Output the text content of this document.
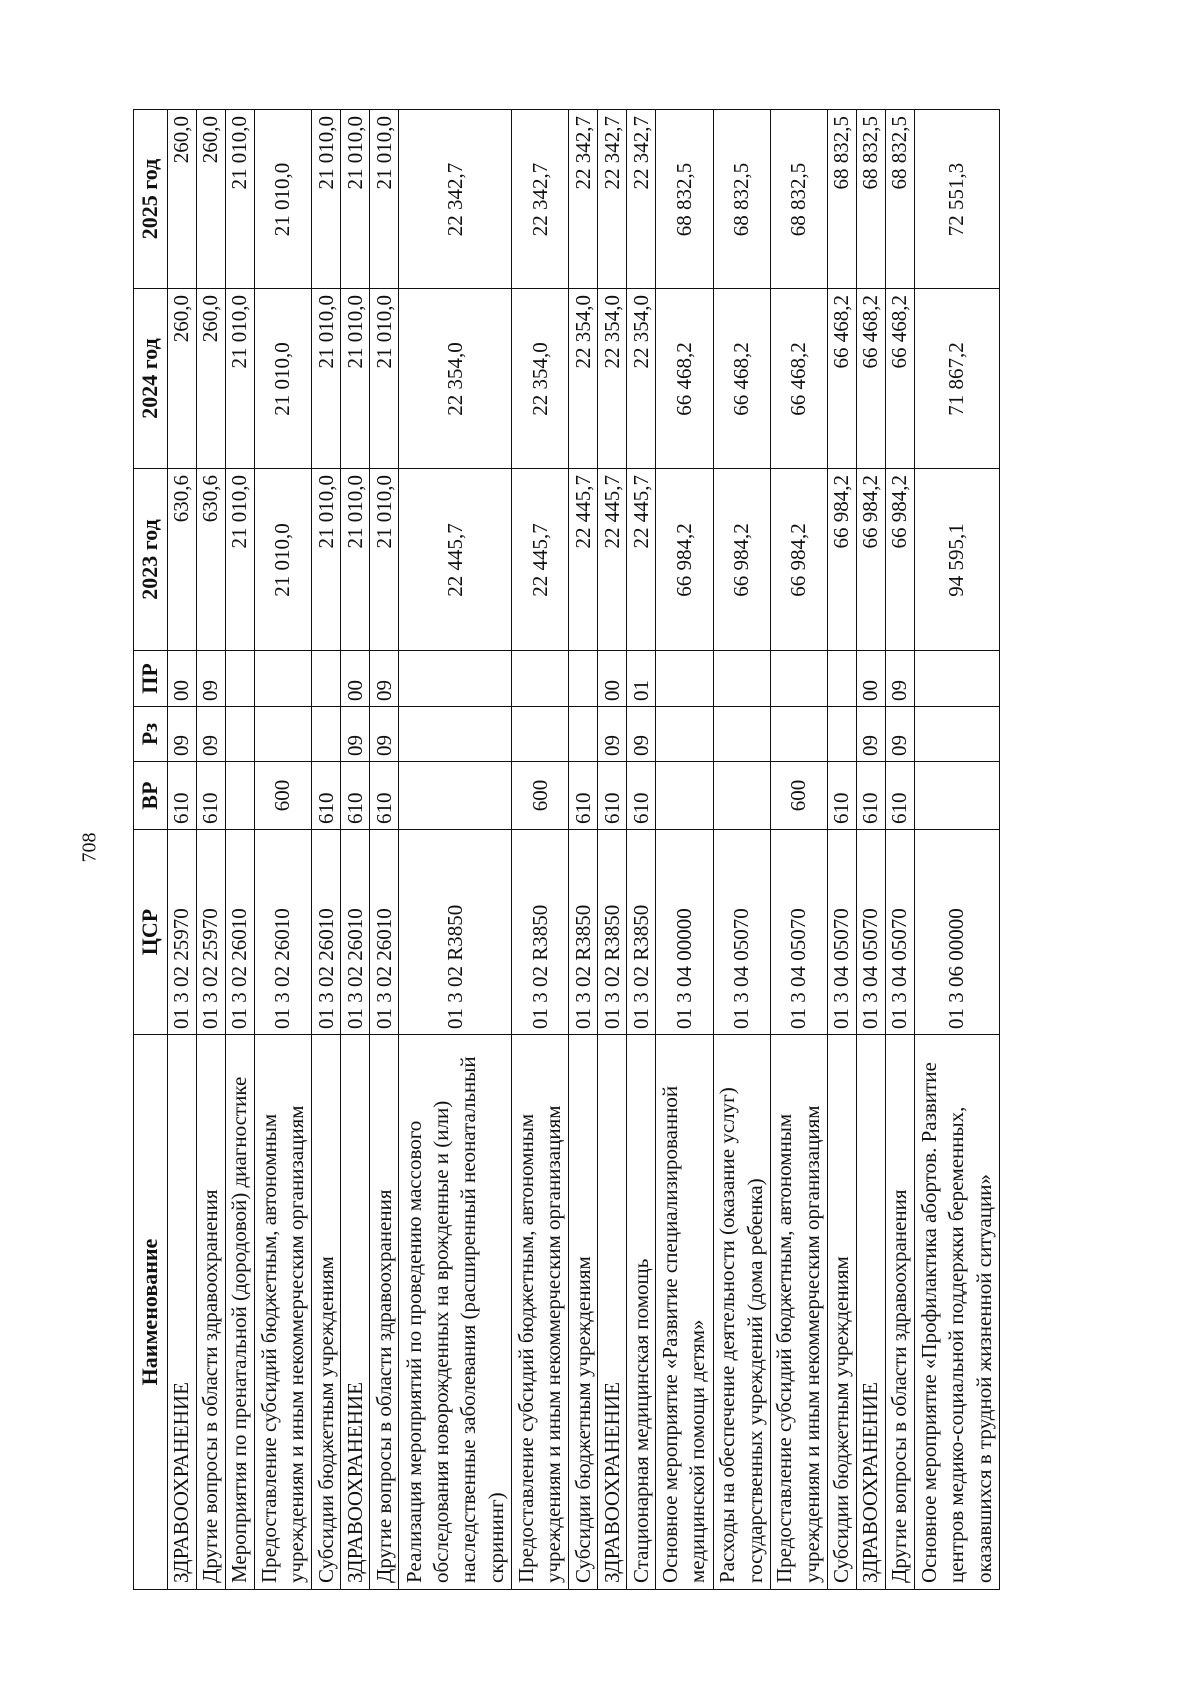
708
Наименование	ЦСР	ВР	Рз	ПР	2023 год	2024 год	2025 год
ЗДРАВООХРАНЕНИЕ	01 3 02 25970	610	09	00	630,6	260,0	260,0
Другие вопросы в области здравоохранения	01 3 02 25970	610	09	09	630,6	260,0	260,0
Мероприятия по пренатальной (дородовой) диагностике	01 3 02 26010				21 010,0	21 010,0	21 010,0
Предоставление субсидий бюджетным, автономным учреждениям и иным некоммерческим организациям	01 3 02 26010	600			21 010,0	21 010,0	21 010,0
Субсидии бюджетным учреждениям	01 3 02 26010	610			21 010,0	21 010,0	21 010,0
ЗДРАВООХРАНЕНИЕ	01 3 02 26010	610	09	00	21 010,0	21 010,0	21 010,0
Другие вопросы в области здравоохранения	01 3 02 26010	610	09	09	21 010,0	21 010,0	21 010,0
Реализация мероприятий по проведению массового обследования новорожденных на врожденные и (или) наследственные заболевания (расширенный неонатальный скрининг)	01 3 02 R3850				22 445,7	22 354,0	22 342,7
Предоставление субсидий бюджетным, автономным учреждениям и иным некоммерческим организациям	01 3 02 R3850	600			22 445,7	22 354,0	22 342,7
Субсидии бюджетным учреждениям	01 3 02 R3850	610			22 445,7	22 354,0	22 342,7
ЗДРАВООХРАНЕНИЕ	01 3 02 R3850	610	09	00	22 445,7	22 354,0	22 342,7
Стационарная медицинская помощь	01 3 02 R3850	610	09	01	22 445,7	22 354,0	22 342,7
Основное мероприятие «Развитие специализированной медицинской помощи детям»	01 3 04 00000				66 984,2	66 468,2	68 832,5
Расходы на обеспечение деятельности (оказание услуг) государственных учреждений (дома ребенка)	01 3 04 05070				66 984,2	66 468,2	68 832,5
Предоставление субсидий бюджетным, автономным учреждениям и иным некоммерческим организациям	01 3 04 05070	600			66 984,2	66 468,2	68 832,5
Субсидии бюджетным учреждениям	01 3 04 05070	610			66 984,2	66 468,2	68 832,5
ЗДРАВООХРАНЕНИЕ	01 3 04 05070	610	09	00	66 984,2	66 468,2	68 832,5
Другие вопросы в области здравоохранения	01 3 04 05070	610	09	09	66 984,2	66 468,2	68 832,5
Основное мероприятие «Профилактика абортов. Развитие центров медико-социальной поддержки беременных, оказавшихся в трудной жизненной ситуации»	01 3 06 00000				94 595,1	71 867,2	72 551,3
